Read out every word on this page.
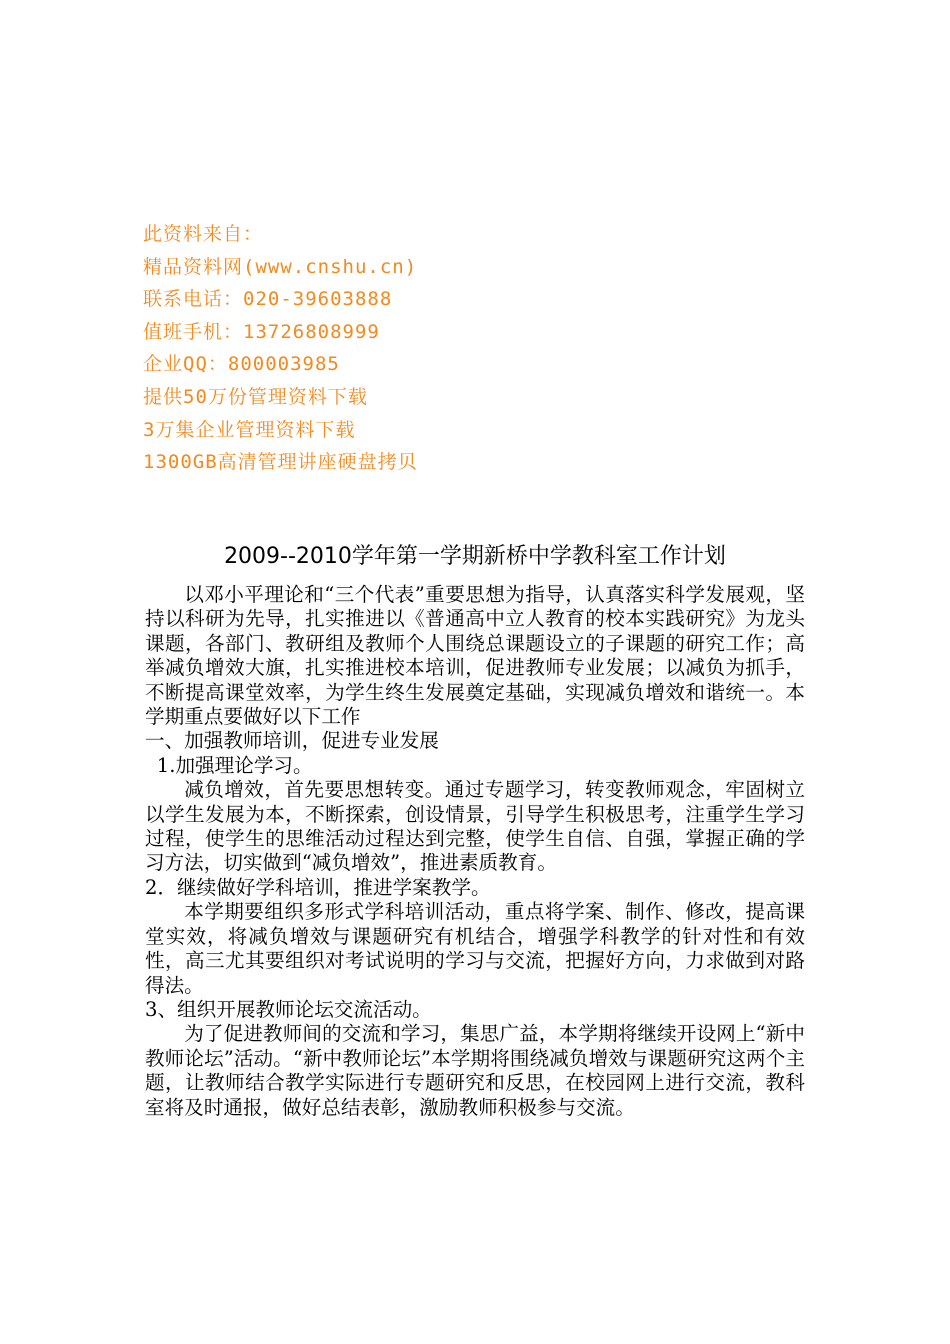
此资料来自：
精品资料网(www.cnshu.cn)
联系电话：020-39603888
值班手机：13726808999
企业QQ：800003985
提供50万份管理资料下载
3万集企业管理资料下载
1300GB高清管理讲座硬盘拷贝
2009--2010学年第一学期新桥中学教科室工作计划

以邓小平理论和“三个代表”重要思想为指导，认真落实科学发展观，坚持以科研为先导，扎实推进以《普通高中立人教育的校本实践研究》为龙头课题，各部门、教研组及教师个人围绕总课题设立的子课题的研究工作；高举减负增效大旗，扎实推进校本培训，促进教师专业发展；以减负为抓手，不断提高课堂效率，为学生终生发展奠定基础，实现减负增效和谐统一。本学期重点要做好以下工作

一、加强教师培训，促进专业发展

1.加强理论学习。

减负增效，首先要思想转变。通过专题学习，转变教师观念，牢固树立以学生发展为本，不断探索，创设情景，引导学生积极思考，注重学生学习过程，使学生的思维活动过程达到完整，使学生自信、自强，掌握正确的学习方法，切实做到“减负增效”，推进素质教育。

2．继续做好学科培训，推进学案教学。

本学期要组织多形式学科培训活动，重点将学案、制作、修改，提高课堂实效，将减负增效与课题研究有机结合，增强学科教学的针对性和有效性，高三尤其要组织对考试说明的学习与交流，把握好方向，力求做到对路得法。

3、组织开展教师论坛交流活动。

为了促进教师间的交流和学习，集思广益，本学期将继续开设网上“新中教师论坛”活动。“新中教师论坛”本学期将围绕减负增效与课题研究这两个主题，让教师结合教学实际进行专题研究和反思，在校园网上进行交流，教科室将及时通报，做好总结表彰，激励教师积极参与交流。
